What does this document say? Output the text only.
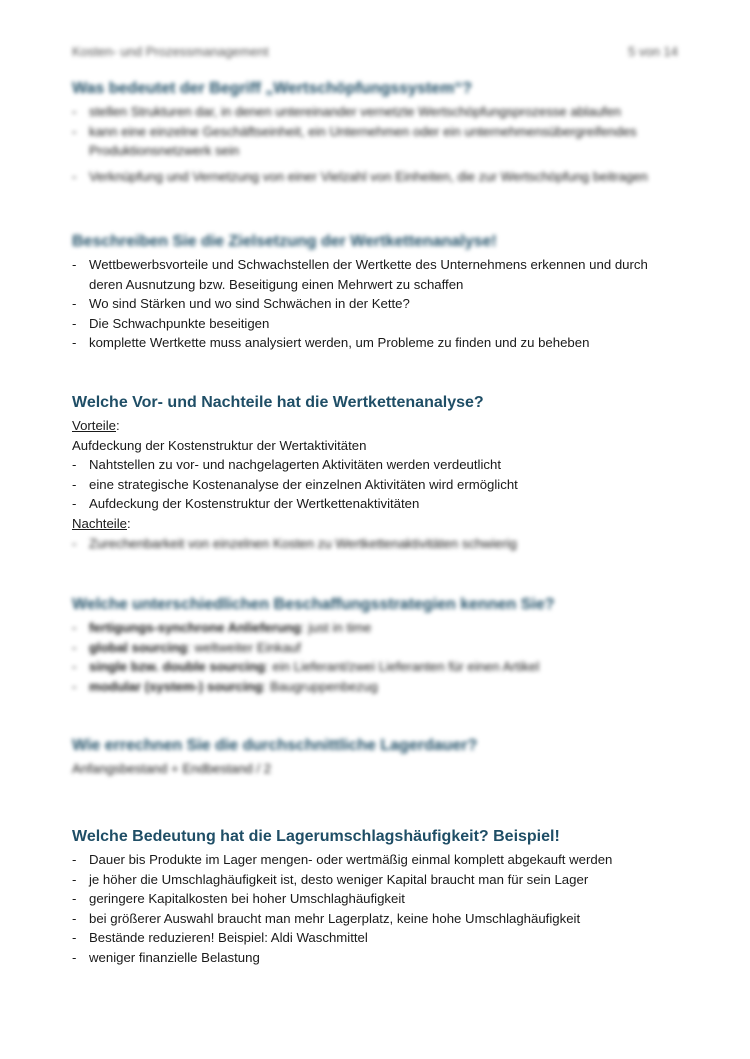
Kosten- und Prozessmanagement	5 von 14
Was bedeutet der Begriff „Wertschöpfungssystem“?
- stellen Strukturen dar, in denen untereinander vernetzte Wertschöpfungsprozesse ablaufen
- kann eine einzelne Geschäftseinheit, ein Unternehmen oder ein unternehmensübergreifendes Produktionsnetzwerk sein
- Verknüpfung und Vernetzung von einer Vielzahl von Einheiten, die zur Wertschöpfung beitragen
Beschreiben Sie die Zielsetzung der Wertkettenanalyse!
- Wettbewerbsvorteile und Schwachstellen der Wertkette des Unternehmens erkennen und durch deren Ausnutzung bzw. Beseitigung einen Mehrwert zu schaffen
- Wo sind Stärken und wo sind Schwächen in der Kette?
- Die Schwachpunkte beseitigen
- komplette Wertkette muss analysiert werden, um Probleme zu finden und zu beheben
Welche Vor- und Nachteile hat die Wertkettenanalyse?
Vorteile:
Aufdeckung der Kostenstruktur der Wertaktivitäten
- Nahtstellen zu vor- und nachgelagerten Aktivitäten werden verdeutlicht
- eine strategische Kostenanalyse der einzelnen Aktivitäten wird ermöglicht
- Aufdeckung der Kostenstruktur der Wertkettenaktivitäten
Nachteile:
- Zurechenbarkeit von einzelnen Kosten zu Wertkettenaktivitäten schwierig
Welche unterschiedlichen Beschaffungsstrategien kennen Sie?
- fertigungs-synchrone Anlieferung: just in time
- global sourcing: weltweiter Einkauf
- single bzw. double sourcing: ein Lieferant/zwei Lieferanten für einen Artikel
- modular (system-) sourcing: Baugruppenbezug
Wie errechnen Sie die durchschnittliche Lagerdauer?
Anfangsbestand + Endbestand / 2
Welche Bedeutung hat die Lagerumschlagshäufigkeit? Beispiel!
- Dauer bis Produkte im Lager mengen- oder wertmäßig einmal komplett abgekauft werden
- je höher die Umschlaghäufigkeit ist, desto weniger Kapital braucht man für sein Lager
- geringere Kapitalkosten bei hoher Umschlaghäufigkeit
- bei größerer Auswahl braucht man mehr Lagerplatz, keine hohe Umschlaghäufigkeit
- Bestände reduzieren! Beispiel: Aldi Waschmittel
- weniger finanzielle Belastung
